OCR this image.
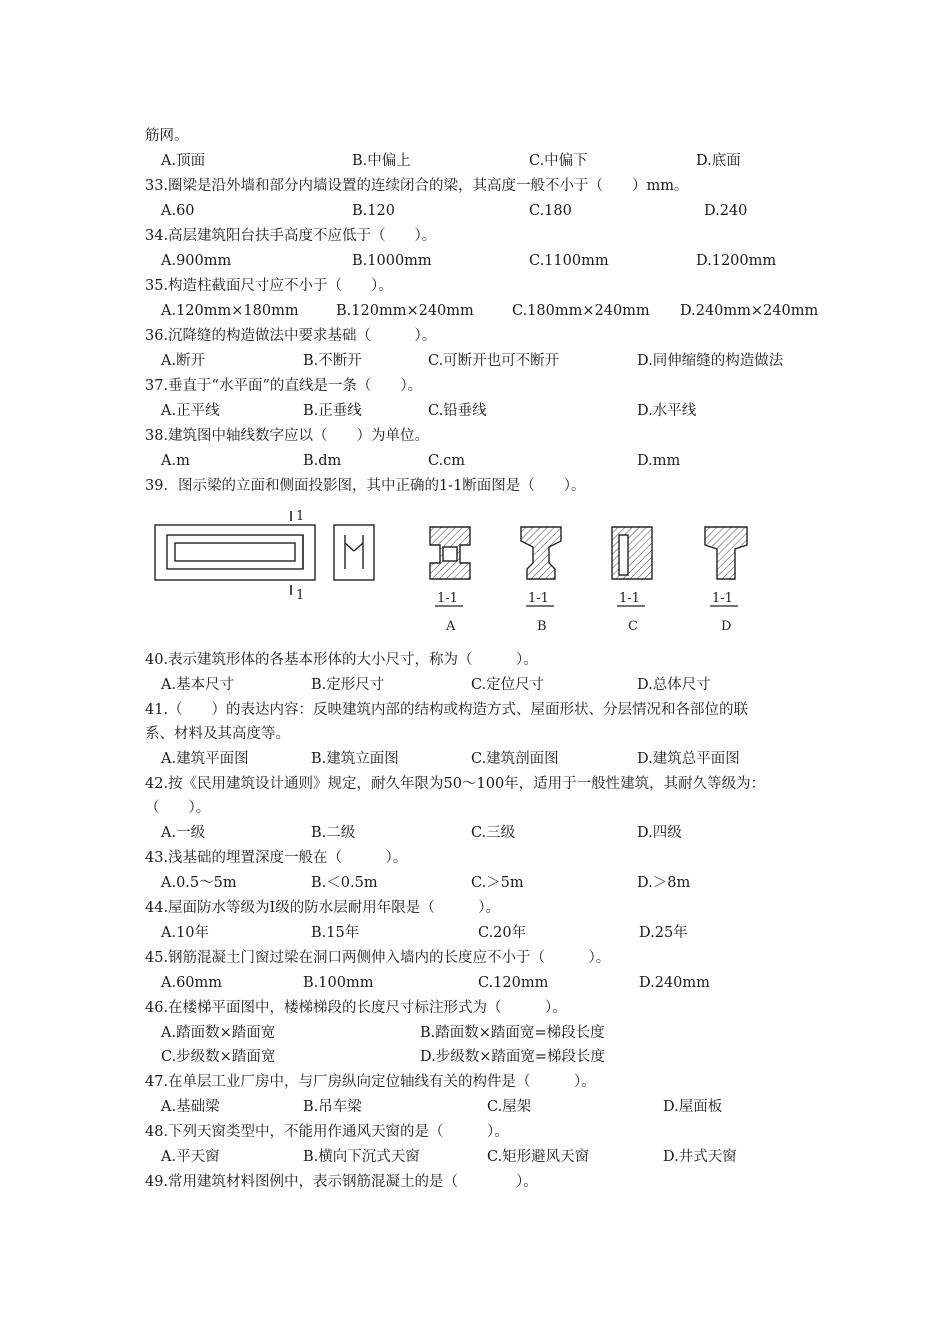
筋网。
33.圈梁是沿外墙和部分内墙设置的连续闭合的梁，其高度一般不小于（　　）mm。
34.高层建筑阳台扶手高度不应低于（　　）。
35.构造柱截面尺寸应不小于（　　）。
36.沉降缝的构造做法中要求基础（　　　）。
37.垂直于“水平面”的直线是一条（　　）。
38.建筑图中轴线数字应以（　　）为单位。
39．图示梁的立面和侧面投影图，其中正确的1-1断面图是（　　）。
40.表示建筑形体的各基本形体的大小尺寸，称为（　　　）。
41.（　　）的表达内容：反映建筑内部的结构或构造方式、屋面形状、分层情况和各部位的联
系、材料及其高度等。
42.按《民用建筑设计通则》规定，耐久年限为50～100年，适用于一般性建筑，其耐久等级为：
（　　）。
43.浅基础的埋置深度一般在（　　　）。
44.屋面防水等级为Ⅰ级的防水层耐用年限是（　　　）。
45.钢筋混凝土门窗过梁在洞口两侧伸入墙内的长度应不小于（　　　）。
46.在楼梯平面图中，楼梯梯段的长度尺寸标注形式为（　　　）。
47.在单层工业厂房中，与厂房纵向定位轴线有关的构件是（　　　）。
48.下列天窗类型中，不能用作通风天窗的是（　　　）。
49.常用建筑材料图例中，表示钢筋混凝土的是（　　　　）。
A.顶面	B.中偏上	C.中偏下	D.底面
A.60	B.120	C.180	D.240
A.900mm	B.1000mm	C.1100mm	D.1200mm
A.120mm×180mm	B.120mm×240mm	C.180mm×240mm D.240mm×240mm
A.断开	B.不断开	C.可断开也可不断开	D.同伸缩缝的构造做法
A.正平线	B.正垂线	C.铅垂线	D.水平线
A.m	B.dm	C.cm	D.mm
A.基本尺寸	B.定形尺寸	C.定位尺寸	D.总体尺寸
A.建筑平面图	B.建筑立面图	C.建筑剖面图	D.建筑总平面图
A.一级	B.二级	C.三级	D.四级
A.0.5～5m	B.＜0.5m	C.＞5m	D.＞8m
A.10年	B.15年	C.20年	D.25年
A.60mm	B.100mm	C.120mm	D.240mm
A.踏面数×踏面宽	B.踏面数×踏面宽=梯段长度
C.步级数×踏面宽	D.步级数×踏面宽=梯段长度
A.基础梁	B.吊车梁	C.屋架	D.屋面板
A.平天窗	B.横向下沉式天窗	C.矩形避风天窗	D.井式天窗
1
1	1-1	1-1	1-1	1-1
A	B	C	D
